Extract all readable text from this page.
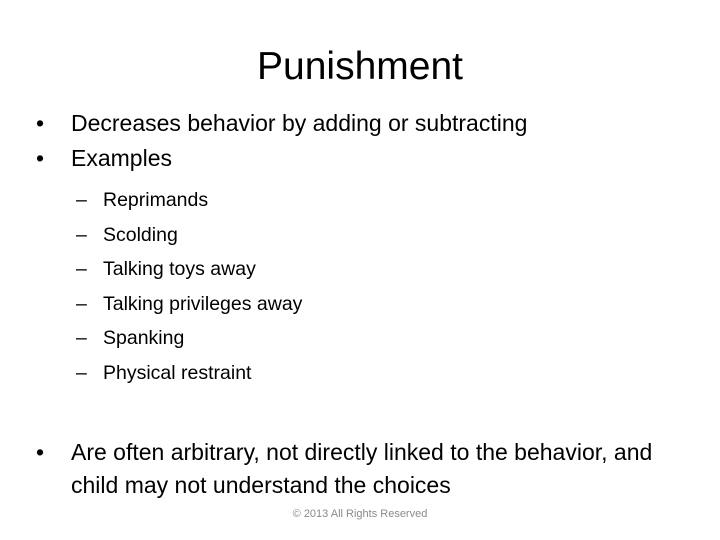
Punishment
•	Decreases behavior by adding or subtracting
•	Examples
– Reprimands
– Scolding
– Talking toys away
– Talking privileges away
– Spanking
– Physical restraint
•	Are often arbitrary, not directly linked to the behavior, and child may not understand the choices
© 2013 All Rights Reserved
